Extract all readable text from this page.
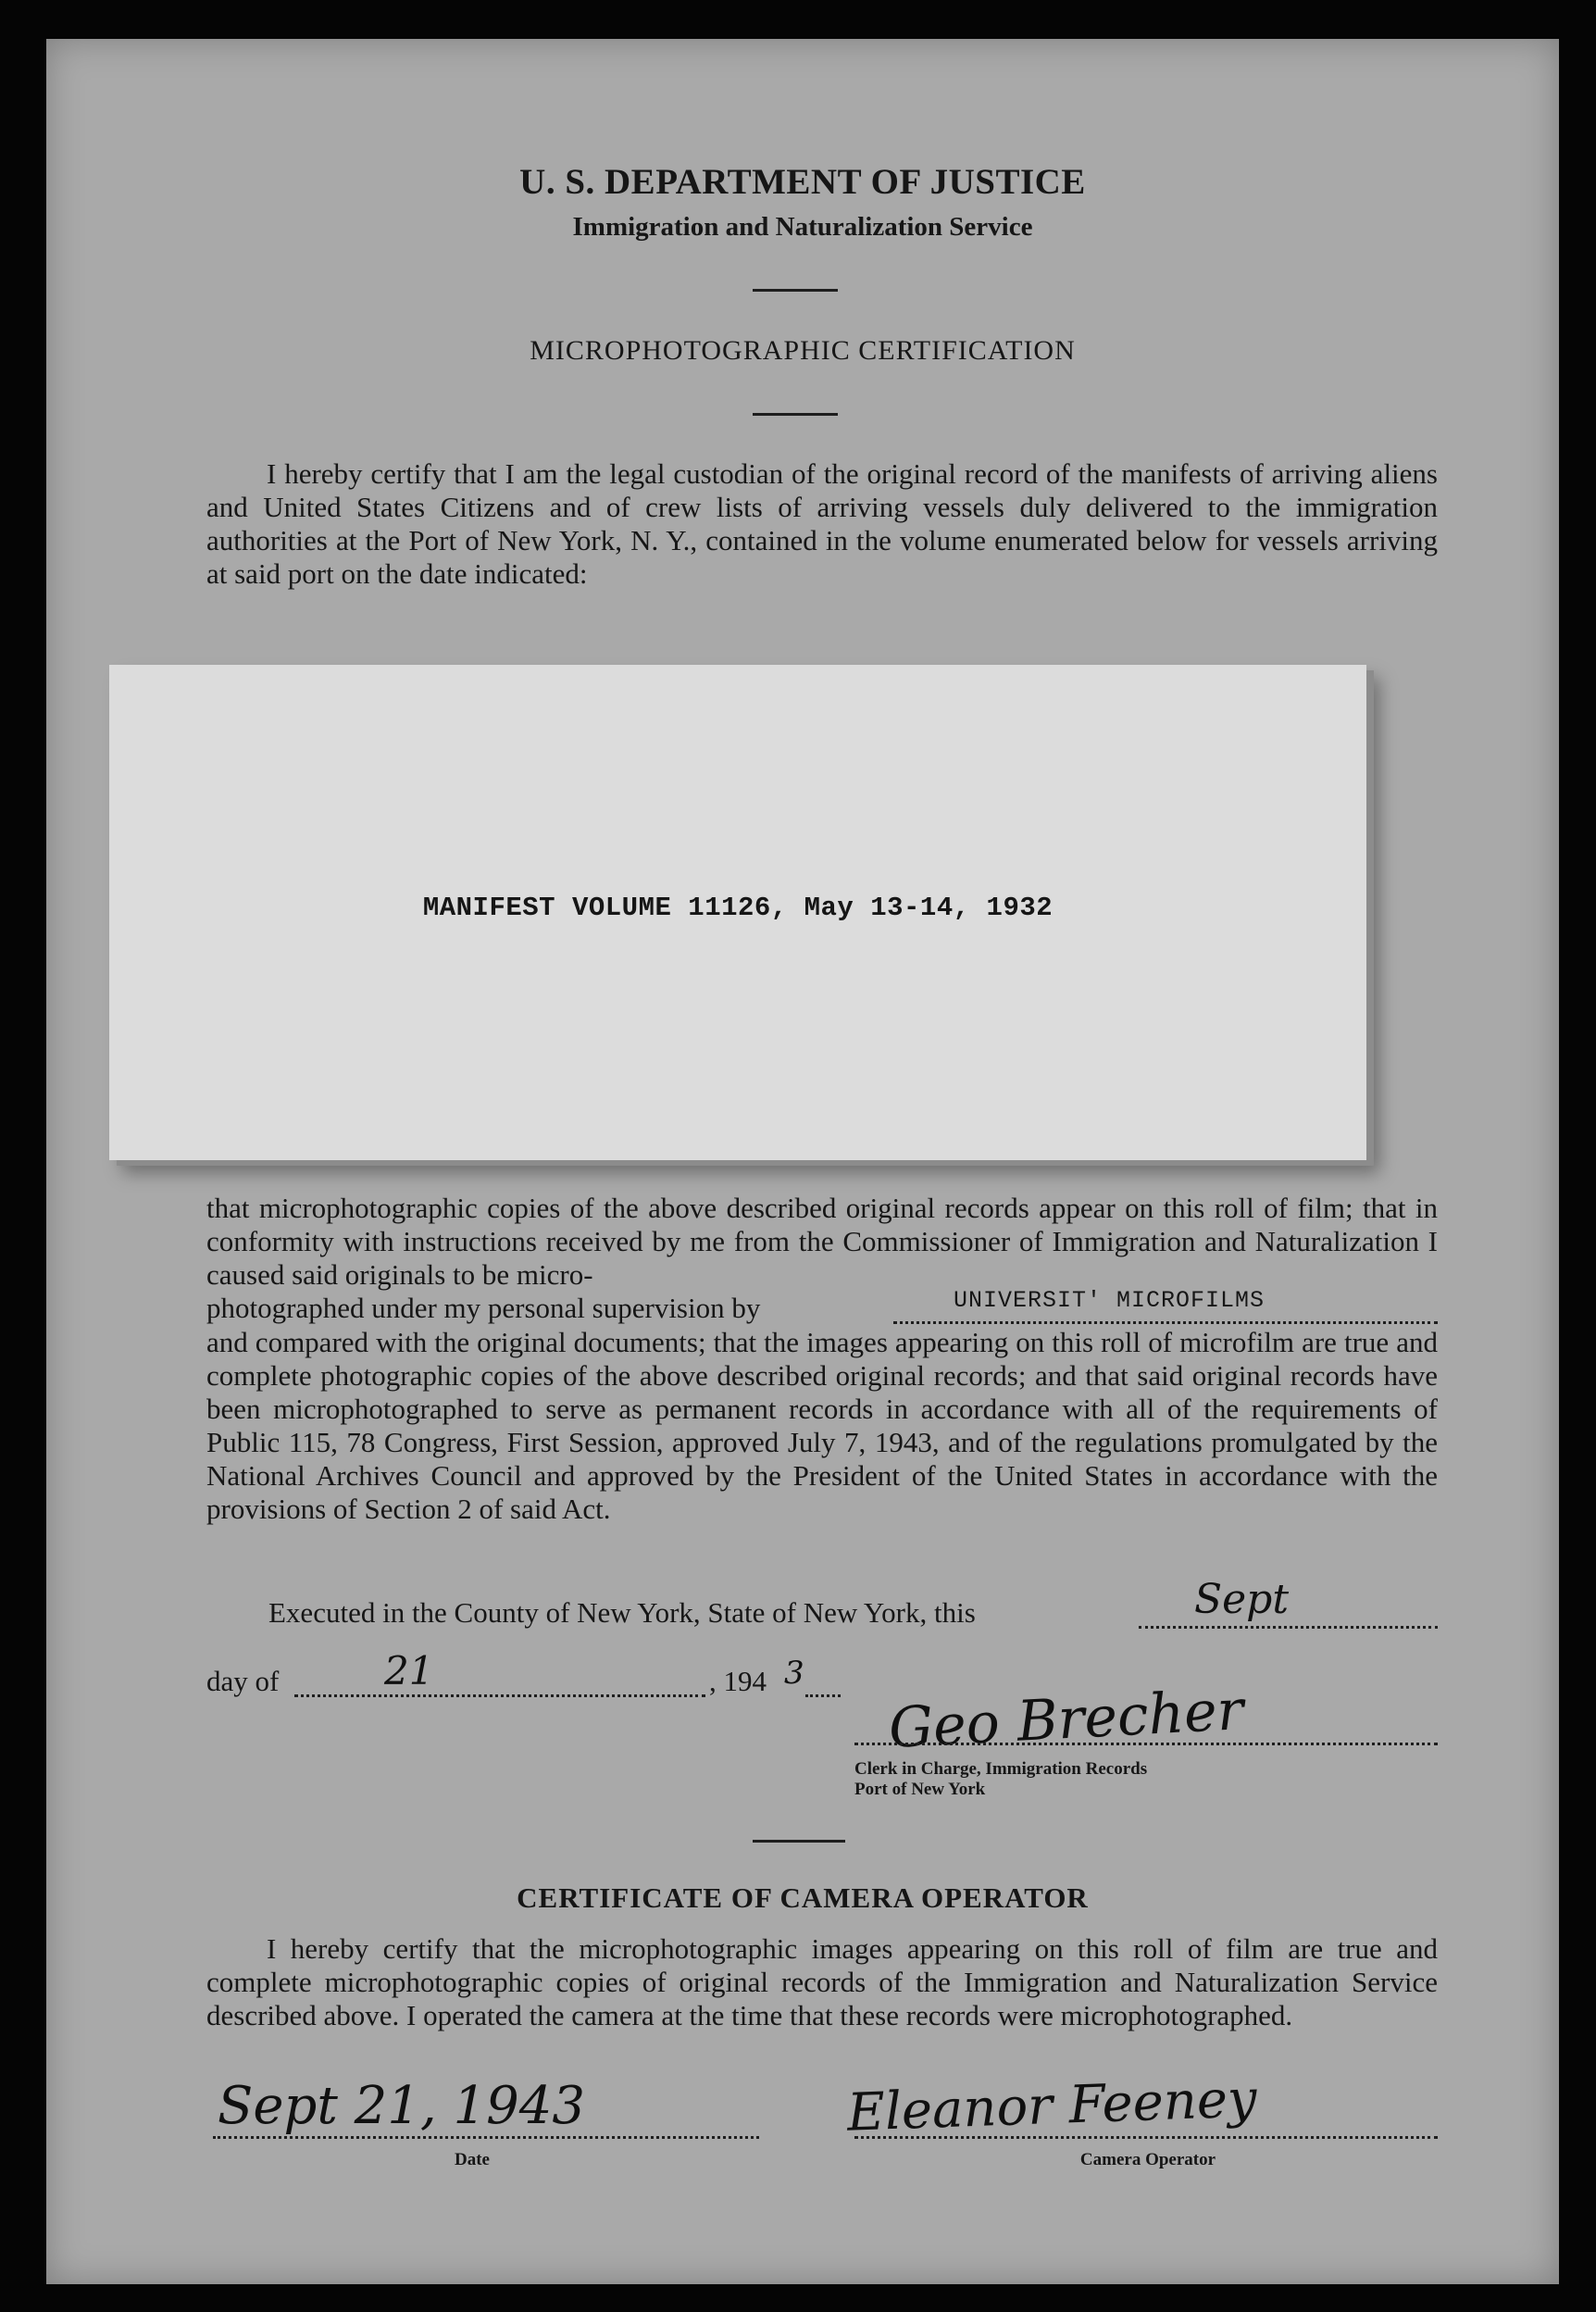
U. S. DEPARTMENT OF JUSTICE
Immigration and Naturalization Service
MICROPHOTOGRAPHIC CERTIFICATION
I hereby certify that I am the legal custodian of the original record of the manifests of arriving aliens and United States Citizens and of crew lists of arriving vessels duly delivered to the immigration authorities at the Port of New York, N. Y., contained in the volume enumerated below for vessels arriving at said port on the date indicated:
MANIFEST VOLUME 11126, May 13-14, 1932
that microphotographic copies of the above described original records appear on this roll of film; that in conformity with instructions received by me from the Commissioner of Immigration and Naturalization I caused said originals to be micro-
photographed under my personal supervision by	UNIVERSIT' MICROFILMS
and compared with the original documents; that the images appearing on this roll of microfilm are true and complete photographic copies of the above described original records; and that said original records have been microphotographed to serve as permanent records in accordance with all of the requirements of Public 115, 78 Congress, First Session, approved July 7, 1943, and of the regulations promulgated by the National Archives Council and approved by the President of the United States in accordance with the provisions of Section 2 of said Act.
Executed in the County of New York, State of New York, this	Sept
day of	21	, 194 3
Geo Brecher
Clerk in Charge, Immigration Records
Port of New York
CERTIFICATE OF CAMERA OPERATOR
I hereby certify that the microphotographic images appearing on this roll of film are true and complete microphotographic copies of original records of the Immigration and Naturalization Service described above. I operated the camera at the time that these records were microphotographed.
Sept 21, 1943
Date
Eleanor Feeney
Camera Operator
